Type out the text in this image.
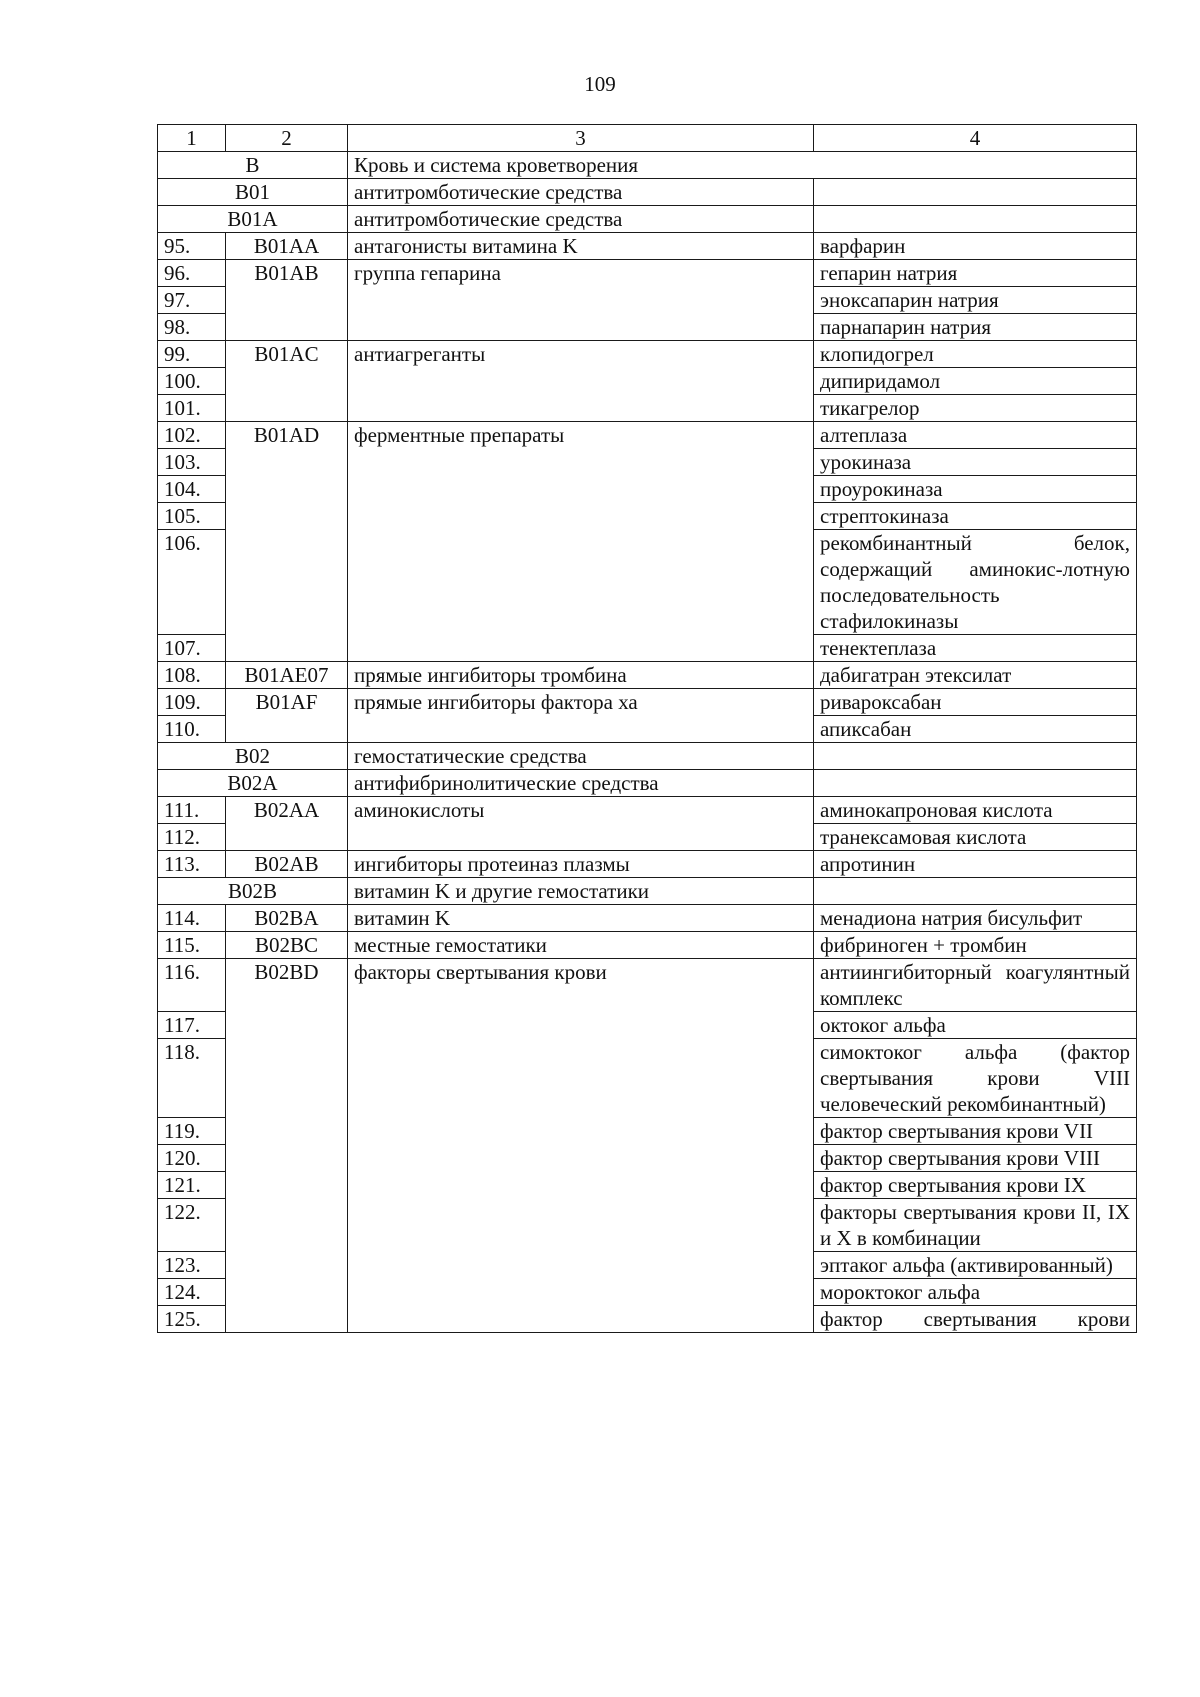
109
1	2	3	4
B		Кровь и система кроветворения	
B01		антитромботические средства	
B01A		антитромботические средства	
95.	B01AA	антагонисты витамина K	варфарин
96.	B01AB	группа гепарина	гепарин натрия
97.			эноксапарин натрия
98.			парнапарин натрия
99.	B01AC	антиагреганты	клопидогрел
100.			дипиридамол
101.			тикагрелор
102.	B01AD	ферментные препараты	алтеплаза
103.			урокиназа
104.			проурокиназа
105.			стрептокиназа
106.			рекомбинантный белок, содержащий аминокис-лотную последовательность стафилокиназы
107.			тенектеплаза
108.	B01AE07	прямые ингибиторы тромбина	дабигатран этексилат
109.	B01AF	прямые ингибиторы фактора ха	ривароксабан
110.			апиксабан
B02		гемостатические средства	
B02A		антифибринолитические средства	
111.	B02AA	аминокислоты	аминокапроновая кислота
112.			транексамовая кислота
113.	B02AB	ингибиторы протеиназ плазмы	апротинин
B02B		витамин K и другие гемостатики	
114.	B02BA	витамин K	менадиона натрия бисульфит
115.	B02BC	местные гемостатики	фибриноген + тромбин
116.	B02BD	факторы свертывания крови	антиингибиторный коагулянтный комплекс
117.			октоког альфа
118.			симоктоког альфа (фактор свертывания крови VIII человеческий рекомбинантный)
119.			фактор свертывания крови VII
120.			фактор свертывания крови VIII
121.			фактор свертывания крови IX
122.			факторы свертывания крови II, IX и X в комбинации
123.			эптаког альфа (активированный)
124.			мороктоког альфа
125.			фактор свертывания крови
